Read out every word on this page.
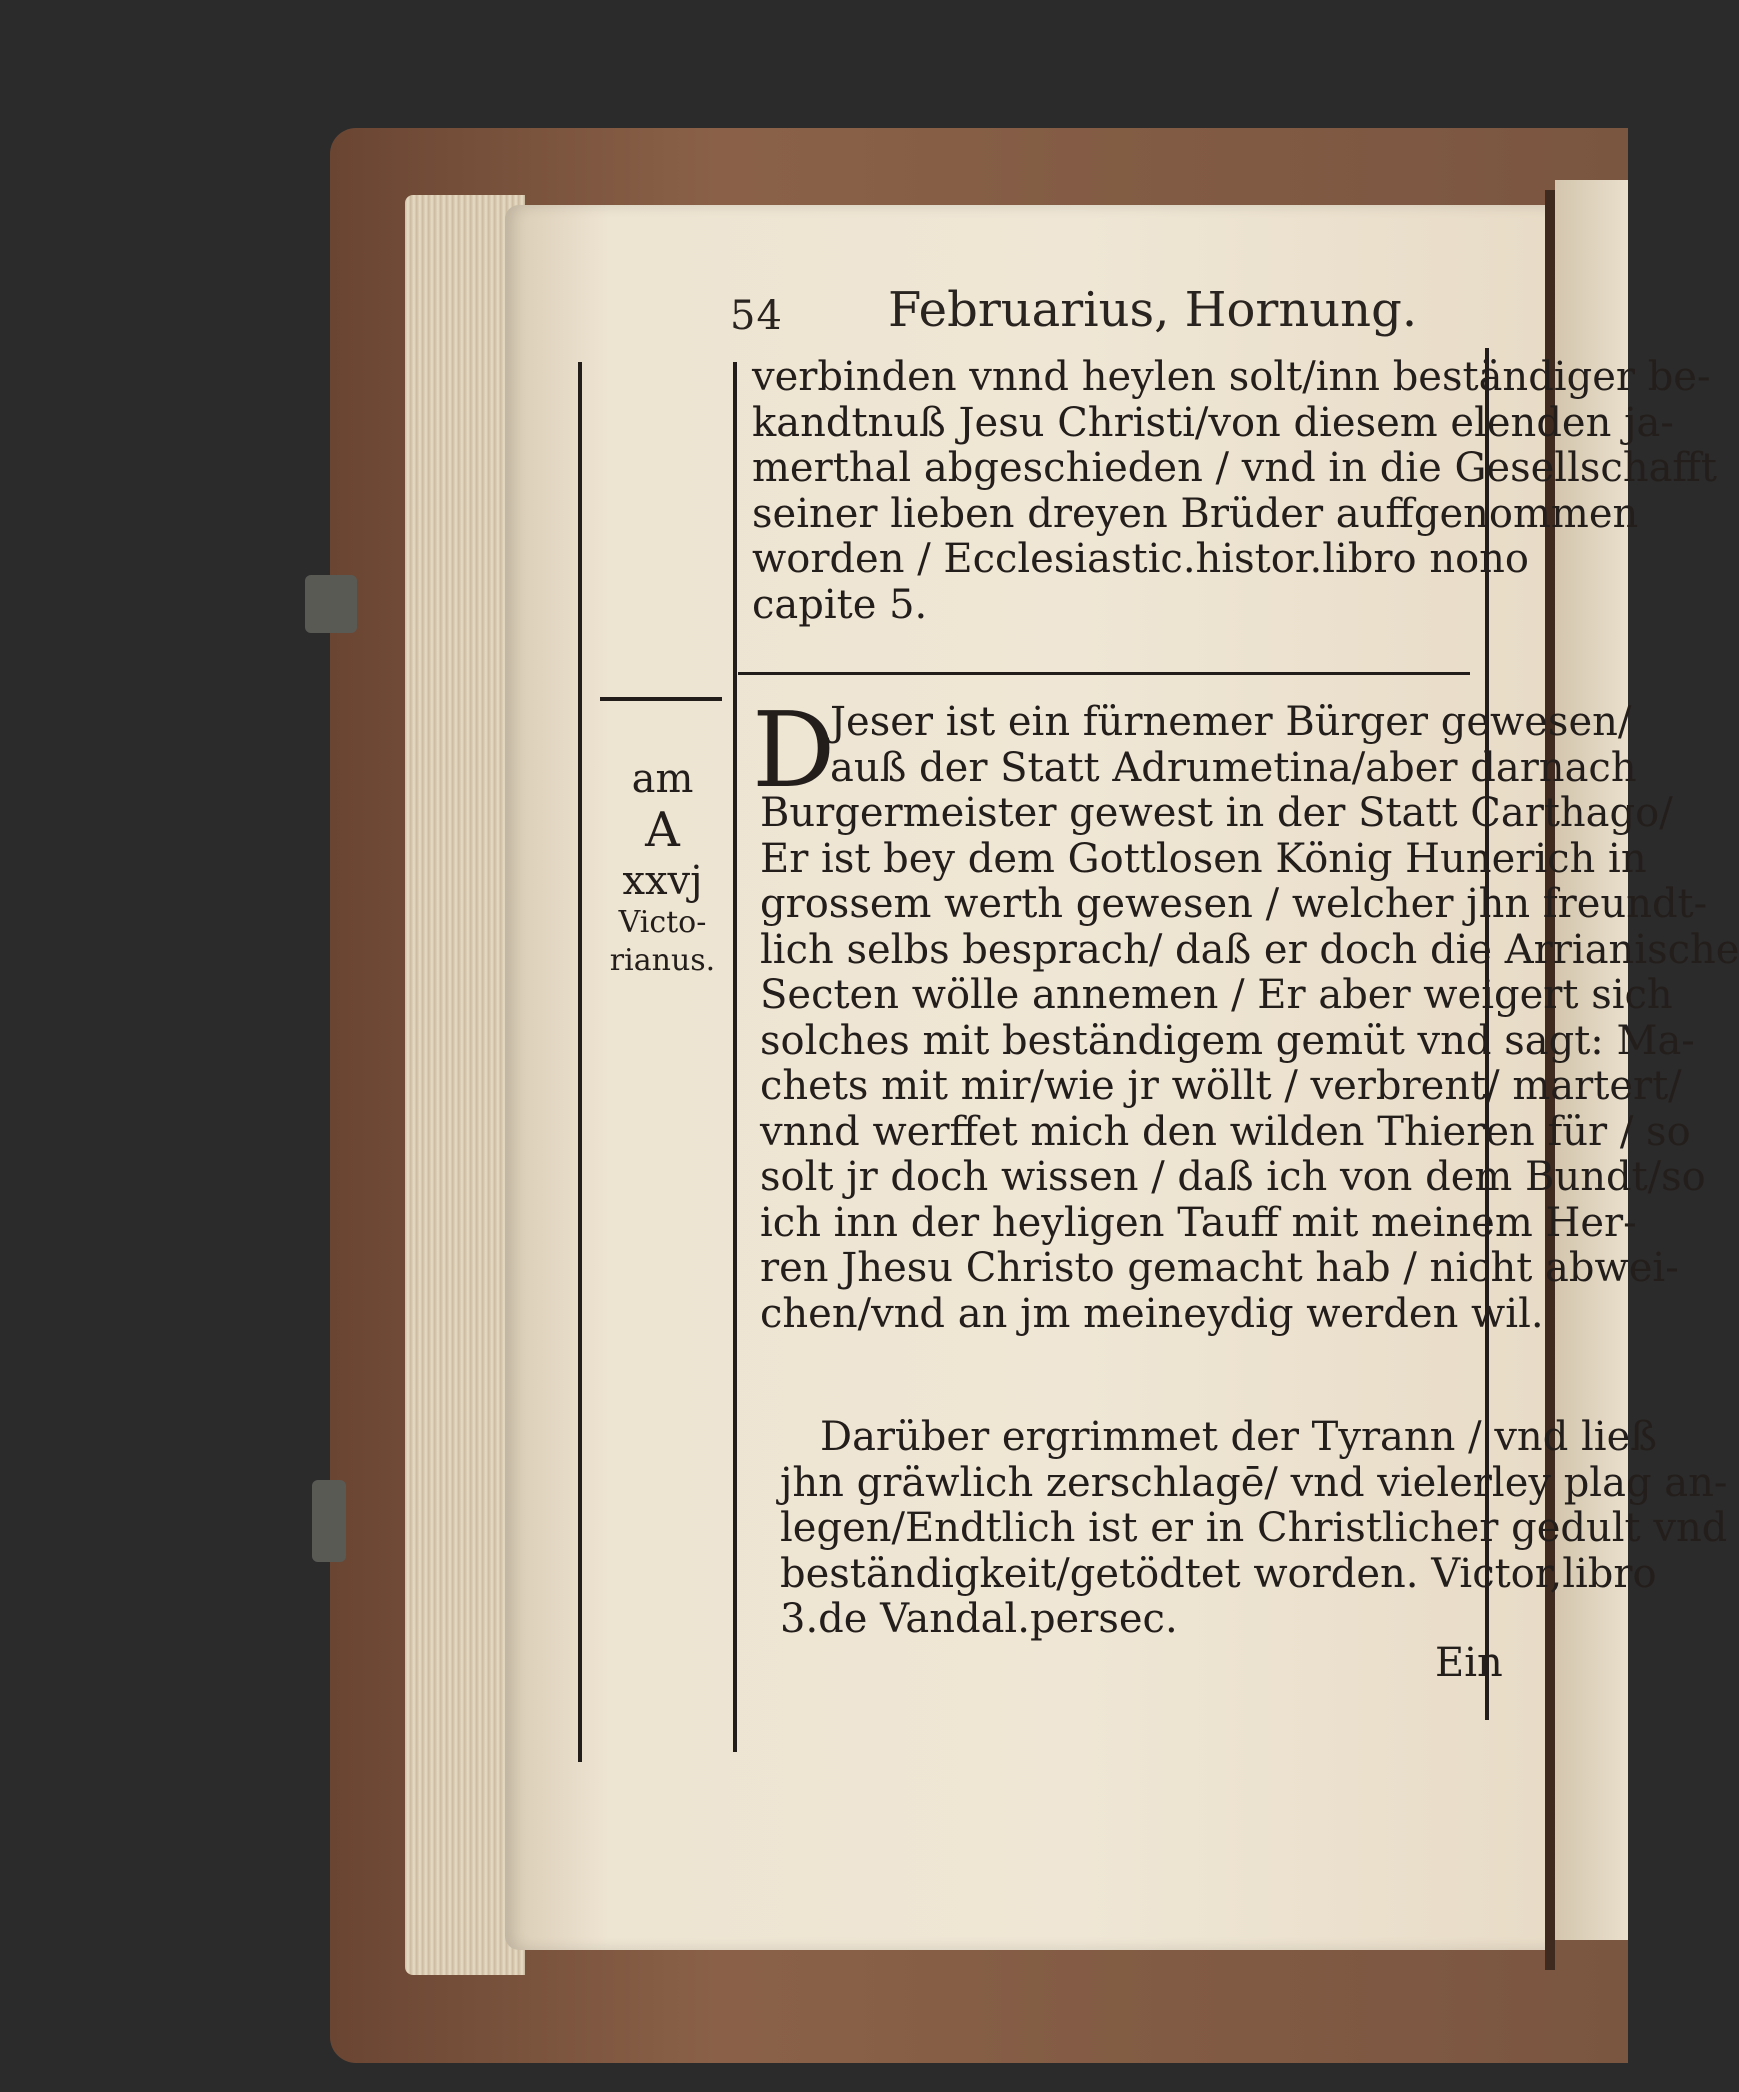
54 Februarius, Hornung.
verbinden vnnd heylen solt/inn beständiger be-
kandtnuß Jesu Christi/von diesem elenden ja-
merthal abgeschieden / vnd in die Gesellschafft
seiner lieben dreyen Brüder auffgenommen
worden / Ecclesiastic.histor.libro nono
capite 5.
am
A
xxvj
Victo-
rianus.
D
Jeser ist ein fürnemer Bürger gewesen/
auß der Statt Adrumetina/aber darnach
Burgermeister gewest in der Statt Carthago/
Er ist bey dem Gottlosen König Hunerich in
grossem werth gewesen / welcher jhn freundt-
lich selbs besprach/ daß er doch die Arrianische
Secten wölle annemen / Er aber weigert sich
solches mit beständigem gemüt vnd sagt: Ma-
chets mit mir/wie jr wöllt / verbrent/ martert/
vnnd werffet mich den wilden Thieren für / so
solt jr doch wissen / daß ich von dem Bundt/so
ich inn der heyligen Tauff mit meinem Her-
ren Jhesu Christo gemacht hab / nicht abwei-
chen/vnd an jm meineydig werden wil.
Darüber ergrimmet der Tyrann / vnd ließ
jhn gräwlich zerschlagē/ vnd vielerley plag an-
legen/Endtlich ist er in Christlicher gedult vnd
beständigkeit/getödtet worden. Victor,libro
3.de Vandal.persec.
Ein
